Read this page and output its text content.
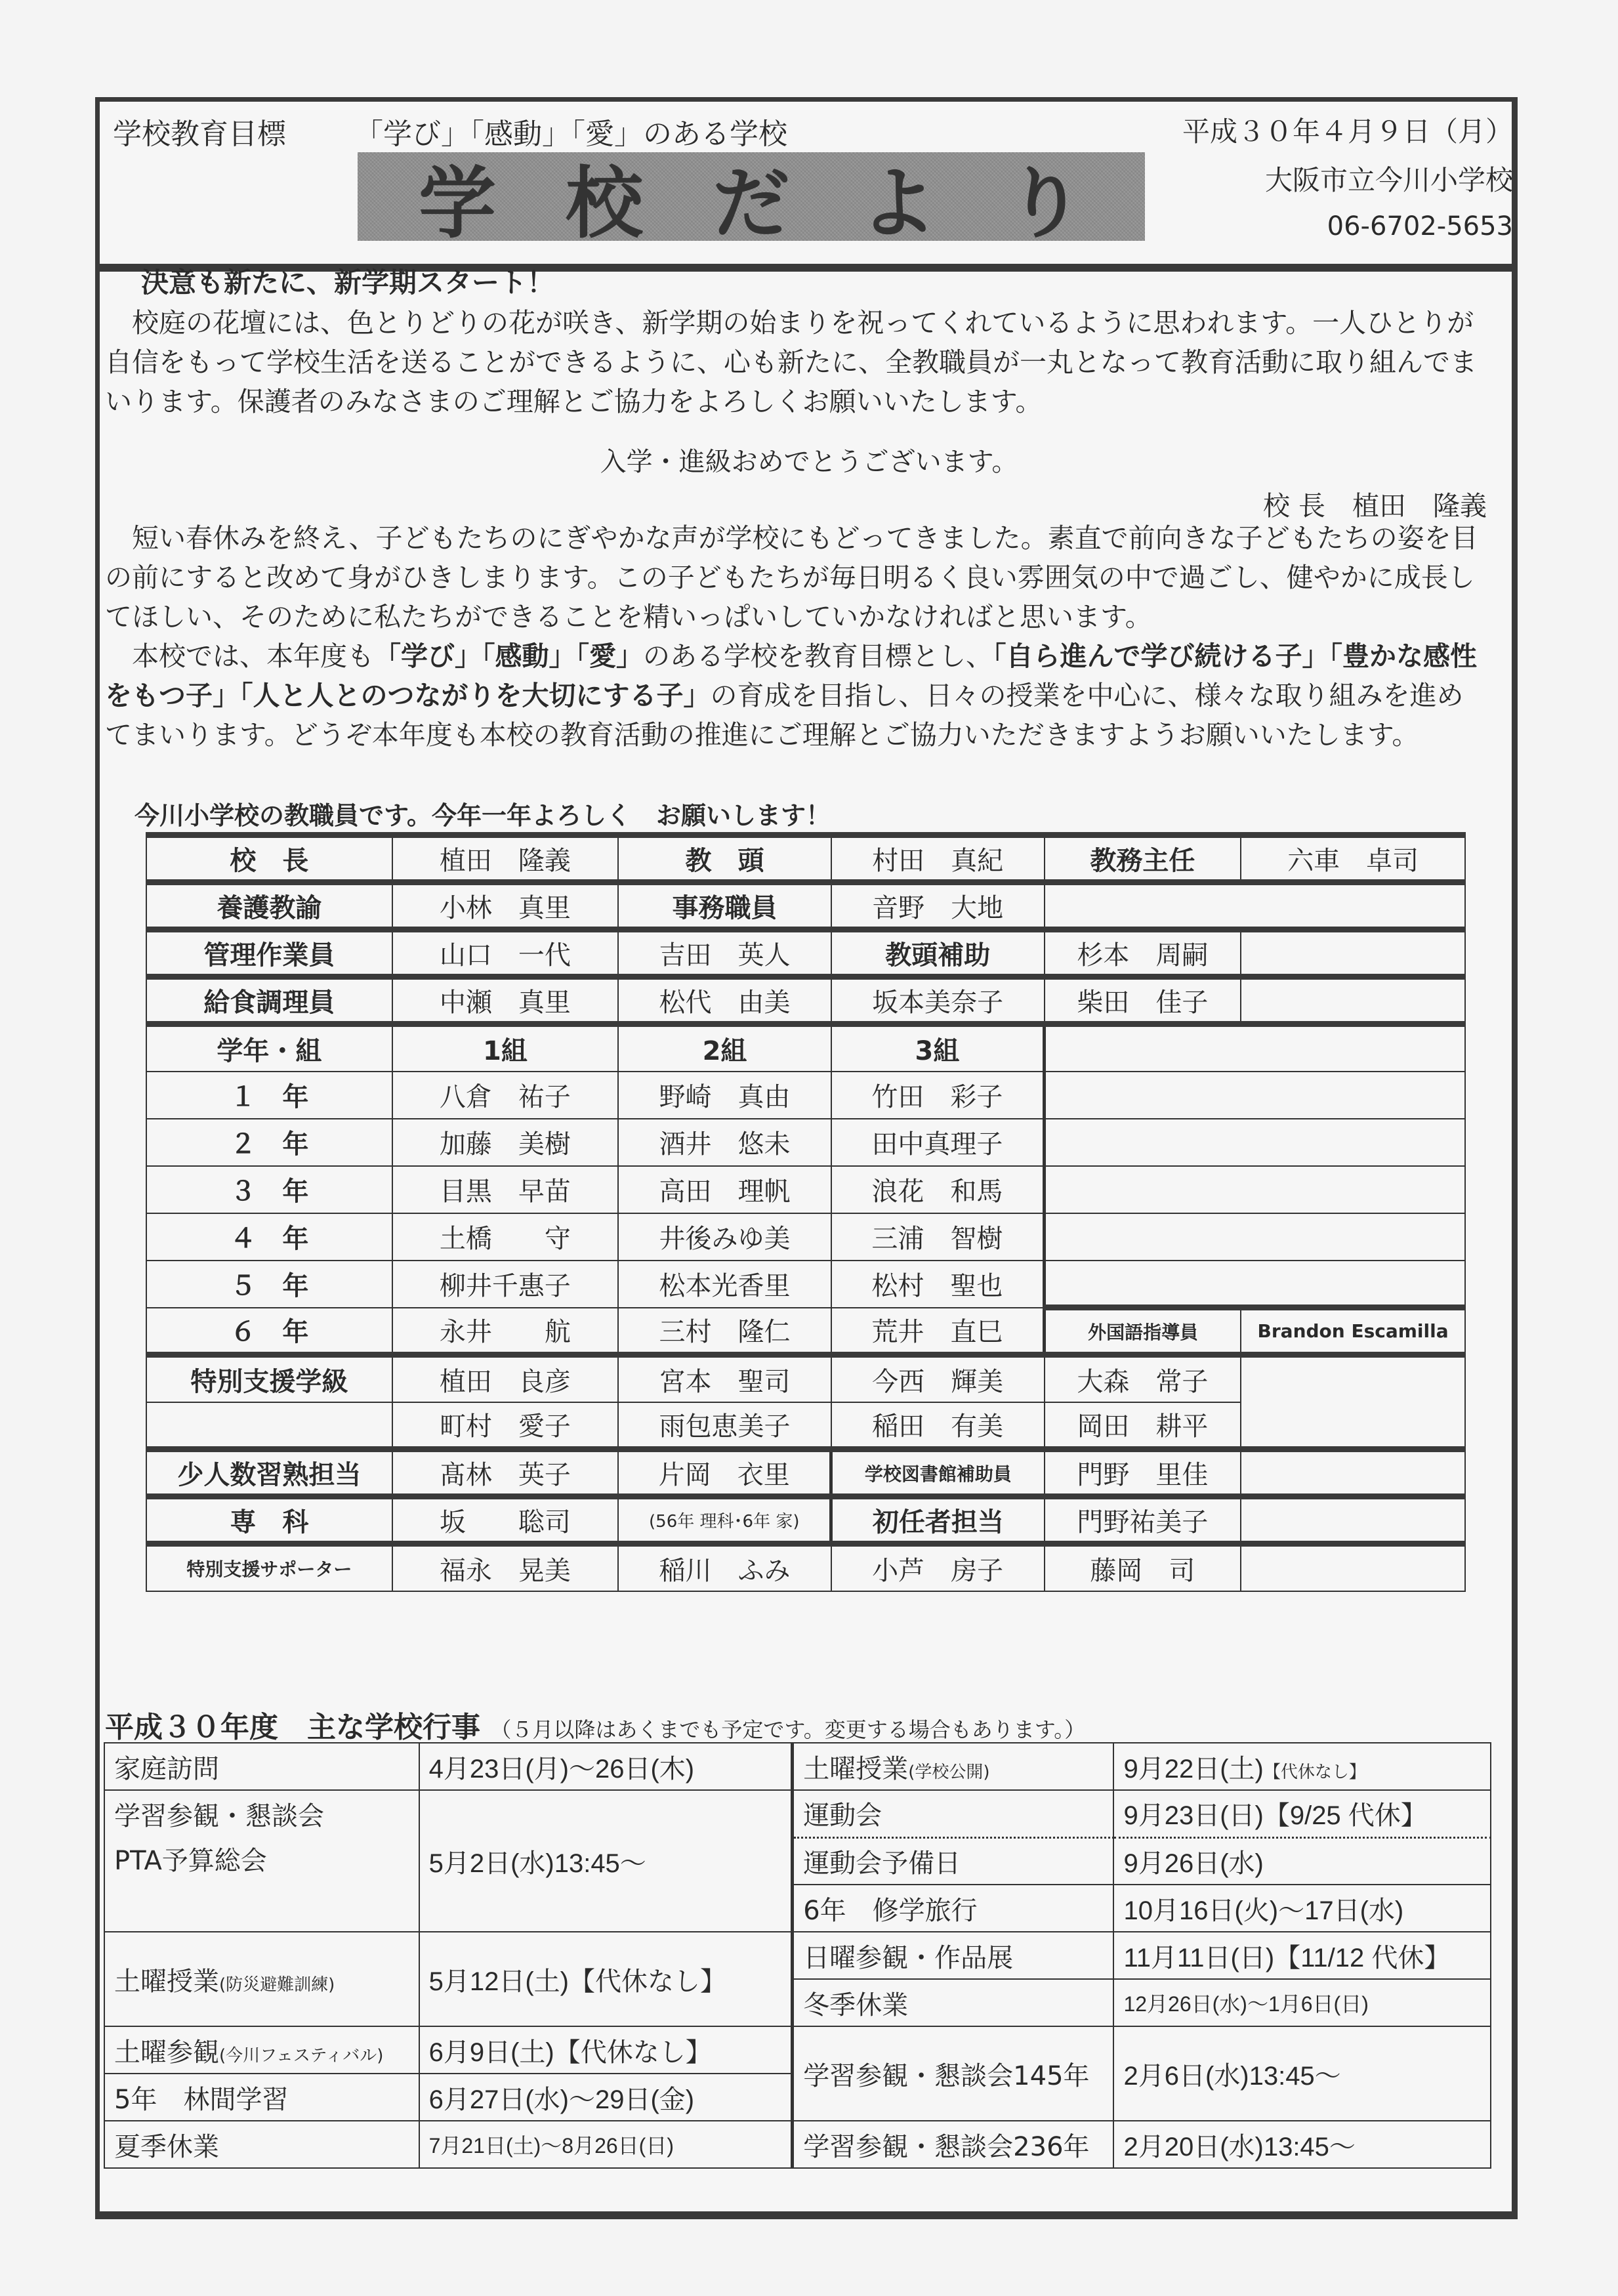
学校教育目標 「学び」「感動」「愛」のある学校
学 校 だ よ り
平成３０年４月９日（月）
大阪市立今川小学校
06-6702-5653
決意も新たに、新学期スタート！

校庭の花壇には、色とりどりの花が咲き、新学期の始まりを祝ってくれているように思われます。一人ひとりが自信をもって学校生活を送ることができるように、心も新たに、全教職員が一丸となって教育活動に取り組んでまいります。保護者のみなさまのご理解とご協力をよろしくお願いいたします。

入学・進級おめでとうございます。
校 長　植田　隆義

短い春休みを終え、子どもたちのにぎやかな声が学校にもどってきました。素直で前向きな子どもたちの姿を目の前にすると改めて身がひきしまります。この子どもたちが毎日明るく良い雰囲気の中で過ごし、健やかに成長してほしい、そのために私たちができることを精いっぱいしていかなければと思います。

本校では、本年度も「学び」「感動」「愛」のある学校を教育目標とし、「自ら進んで学び続ける子」「豊かな感性をもつ子」「人と人とのつながりを大切にする子」の育成を目指し、日々の授業を中心に、様々な取り組みを進めてまいります。どうぞ本年度も本校の教育活動の推進にご理解とご協力いただきますようお願いいたします。

今川小学校の教職員です。今年一年よろしく　お願いします！
校　長	植田　隆義	教　頭	村田　真紀	教務主任	六車　卓司
養護教諭	小林　真里	事務職員	音野　大地		
管理作業員	山口　一代	吉田　英人	教頭補助	杉本　周嗣	
給食調理員	中瀬　真里	松代　由美	坂本美奈子	柴田　佳子	
学年・組	1組	2組	3組		
１　年	八倉　祐子	野崎　真由	竹田　彩子		
２　年	加藤　美樹	酒井　悠未	田中真理子		
３　年	目黒　早苗	高田　理帆	浪花　和馬		
４　年	土橋　　守	井後みゆ美	三浦　智樹		
５　年	柳井千惠子	松本光香里	松村　聖也		
６　年	永井　　航	三村　隆仁	荒井　直巳	外国語指導員	Brandon Escamilla
特別支援学級	植田　良彦	宮本　聖司	今西　輝美	大森　常子	
	町村　愛子	雨包恵美子	稲田　有美	岡田　耕平	
少人数習熟担当	髙林　英子	片岡　衣里	学校図書館補助員	門野　里佳	
専　科	坂　　聡司	(56年 理科･6年 家)	初任者担当	門野祐美子	
特別支援サポーター	福永　晃美	稲川　ふみ	小芦　房子	藤岡　司	
平成３０年度　主な学校行事 （５月以降はあくまでも予定です。変更する場合もあります。）
家庭訪問	4月23日(月)～26日(木)	土曜授業(学校公開)	9月22日(土)【代休なし】
学習参観・懇談会	5月2日(水)13:45～	運動会	9月23日(日)【9/25 代休】
PTA予算総会		運動会予備日	9月26日(水)
		6年　修学旅行	10月16日(火)～17日(水)
土曜授業(防災避難訓練)	5月12日(土)【代休なし】	日曜参観・作品展	11月11日(日)【11/12 代休】
		冬季休業	12月26日(水)～1月6日(日)
土曜参観(今川フェスティバル)	6月9日(土)【代休なし】	学習参観・懇談会145年	2月6日(水)13:45～
5年　林間学習	6月27日(水)～29日(金)		
夏季休業	7月21日(土)～8月26日(日)	学習参観・懇談会236年	2月20日(水)13:45～
